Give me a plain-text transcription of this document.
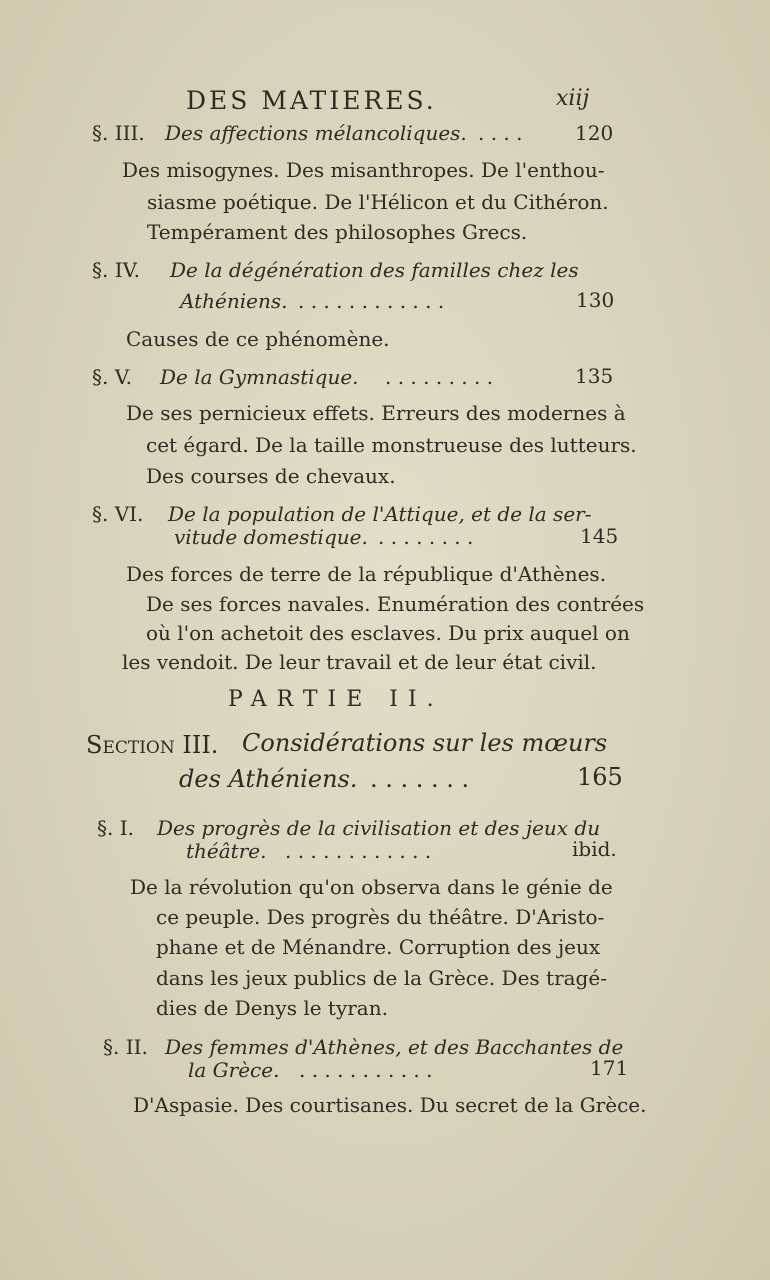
DES MATIERES.	xiij
§. III. Des affections mélancoliques. . . . .	120
Des misogynes. Des misanthropes. De l'enthou-
siasme poétique. De l'Hélicon et du Cithéron.
Tempérament des philosophes Grecs.
§. IV. De la dégénération des familles chez les
Athéniens. . . . . . . . . . . . .	130
Causes de ce phénomène.
§. V. De la Gymnastique. . . . . . . . . .	135
De ses pernicieux effets. Erreurs des modernes à
cet égard. De la taille monstrueuse des lutteurs.
Des courses de chevaux.
§. VI. De la population de l'Attique, et de la ser-
vitude domestique. . . . . . . . .	145
Des forces de terre de la république d'Athènes.
De ses forces navales. Enumération des contrées
où l'on achetoit des esclaves. Du prix auquel on
les vendoit. De leur travail et de leur état civil.
PARTIE II.
Section III. Considérations sur les mœurs
des Athéniens. . . . . . . .	165
§. I. Des progrès de la civilisation et des jeux du
théâtre. . . . . . . . . . . . .	ibid.
De la révolution qu'on observa dans le génie de
ce peuple. Des progrès du théâtre. D'Aristo-
phane et de Ménandre. Corruption des jeux
dans les jeux publics de la Grèce. Des tragé-
dies de Denys le tyran.
§. II. Des femmes d'Athènes, et des Bacchantes de
la Grèce. . . . . . . . . . . .	171
D'Aspasie. Des courtisanes. Du secret de la Grèce.
